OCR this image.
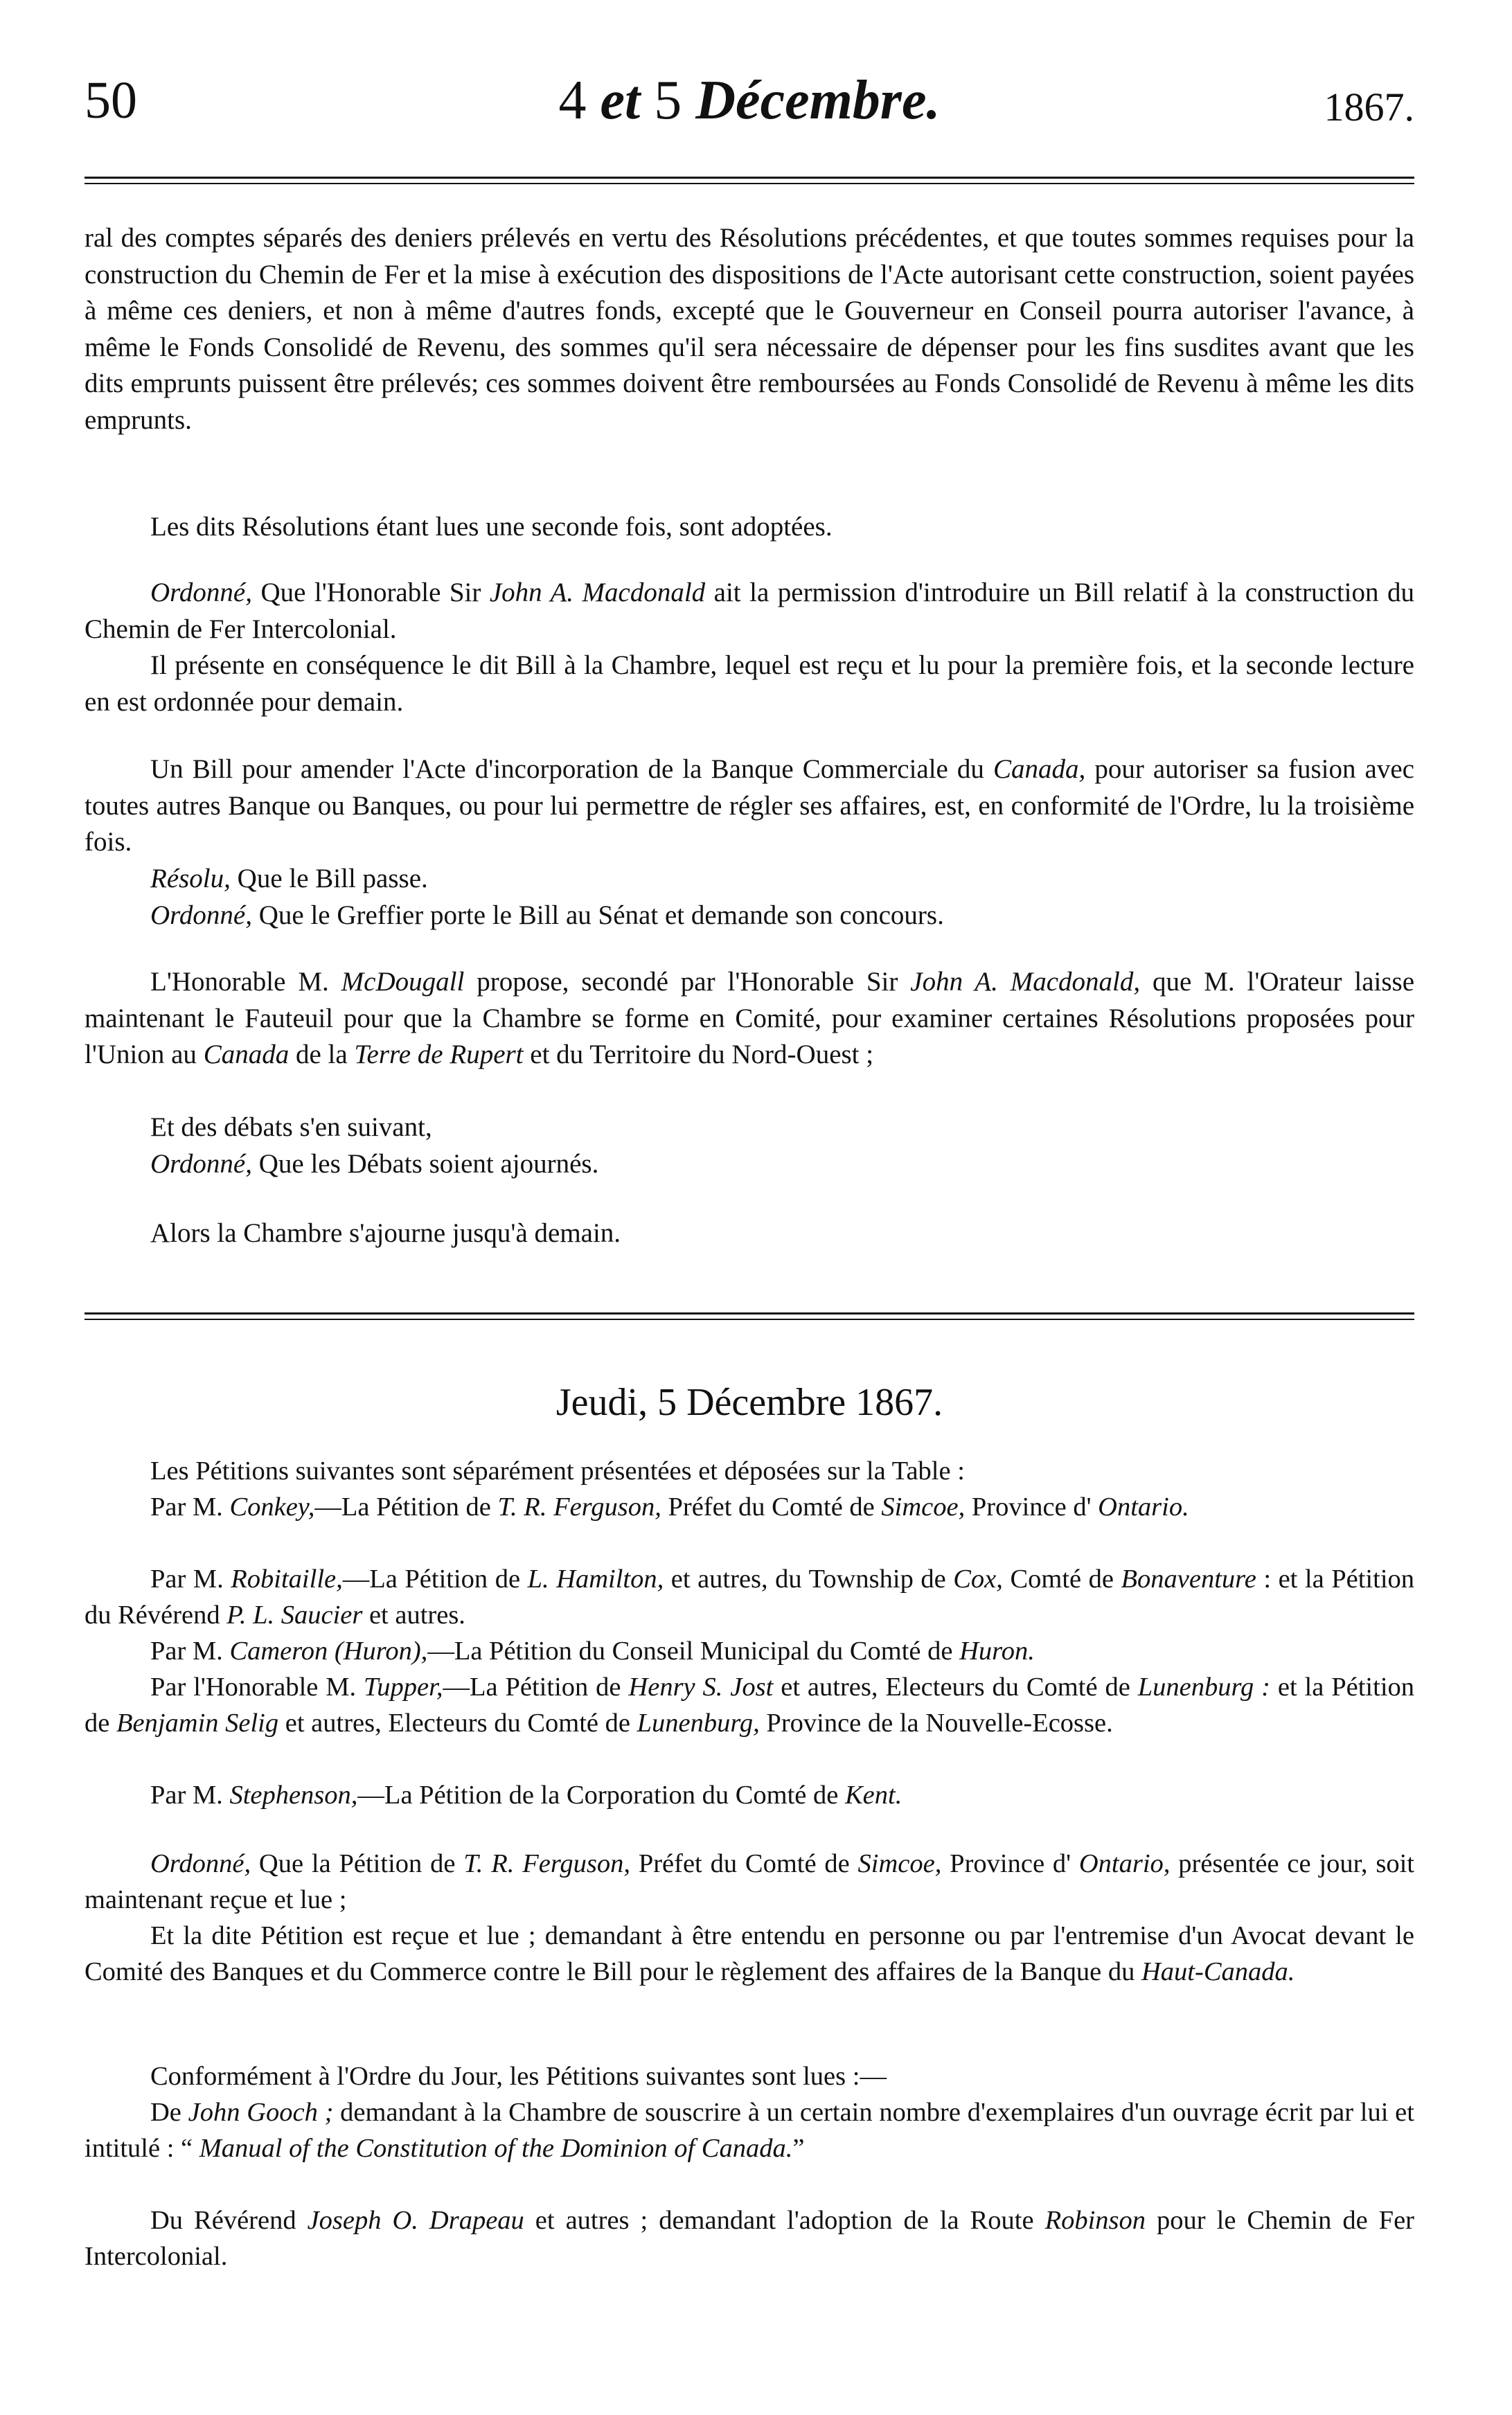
50	4 et 5 Décembre.	1867.

ral des comptes séparés des deniers prélevés en vertu des Résolutions précédentes, et que toutes sommes requises pour la construction du Chemin de Fer et la mise à exécution des dispositions de l'Acte autorisant cette construction, soient payées à même ces deniers, et non à même d'autres fonds, excepté que le Gouverneur en Conseil pourra autoriser l'avance, à même le Fonds Consolidé de Revenu, des sommes qu'il sera nécessaire de dépenser pour les fins susdites avant que les dits emprunts puissent être prélevés; ces sommes doivent être remboursées au Fonds Consolidé de Revenu à même les dits emprunts.

Les dits Résolutions étant lues une seconde fois, sont adoptées.

Ordonné, Que l'Honorable Sir John A. Macdonald ait la permission d'introduire un Bill relatif à la construction du Chemin de Fer Intercolonial.

Il présente en conséquence le dit Bill à la Chambre, lequel est reçu et lu pour la première fois, et la seconde lecture en est ordonnée pour demain.

Un Bill pour amender l'Acte d'incorporation de la Banque Commerciale du Canada, pour autoriser sa fusion avec toutes autres Banque ou Banques, ou pour lui permettre de régler ses affaires, est, en conformité de l'Ordre, lu la troisième fois.

Résolu, Que le Bill passe.

Ordonné, Que le Greffier porte le Bill au Sénat et demande son concours.

L'Honorable M. McDougall propose, secondé par l'Honorable Sir John A. Macdonald, que M. l'Orateur laisse maintenant le Fauteuil pour que la Chambre se forme en Comité, pour examiner certaines Résolutions proposées pour l'Union au Canada de la Terre de Rupert et du Territoire du Nord-Ouest ;

Et des débats s'en suivant,

Ordonné, Que les Débats soient ajournés.

Alors la Chambre s'ajourne jusqu'à demain.

Jeudi, 5 Décembre 1867.

Les Pétitions suivantes sont séparément présentées et déposées sur la Table :

Par M. Conkey,—La Pétition de T. R. Ferguson, Préfet du Comté de Simcoe, Province d' Ontario.

Par M. Robitaille,—La Pétition de L. Hamilton, et autres, du Township de Cox, Comté de Bonaventure : et la Pétition du Révérend P. L. Saucier et autres.

Par M. Cameron (Huron),—La Pétition du Conseil Municipal du Comté de Huron.

Par l'Honorable M. Tupper,—La Pétition de Henry S. Jost et autres, Electeurs du Comté de Lunenburg : et la Pétition de Benjamin Selig et autres, Electeurs du Comté de Lunenburg, Province de la Nouvelle-Ecosse.

Par M. Stephenson,—La Pétition de la Corporation du Comté de Kent.

Ordonné, Que la Pétition de T. R. Ferguson, Préfet du Comté de Simcoe, Province d' Ontario, présentée ce jour, soit maintenant reçue et lue ;

Et la dite Pétition est reçue et lue ; demandant à être entendu en personne ou par l'entremise d'un Avocat devant le Comité des Banques et du Commerce contre le Bill pour le règlement des affaires de la Banque du Haut-Canada.

Conformément à l'Ordre du Jour, les Pétitions suivantes sont lues :—

De John Gooch ; demandant à la Chambre de souscrire à un certain nombre d'exemplaires d'un ouvrage écrit par lui et intitulé : “ Manual of the Constitution of the Dominion of Canada.”

Du Révérend Joseph O. Drapeau et autres ; demandant l'adoption de la Route Robinson pour le Chemin de Fer Intercolonial.
